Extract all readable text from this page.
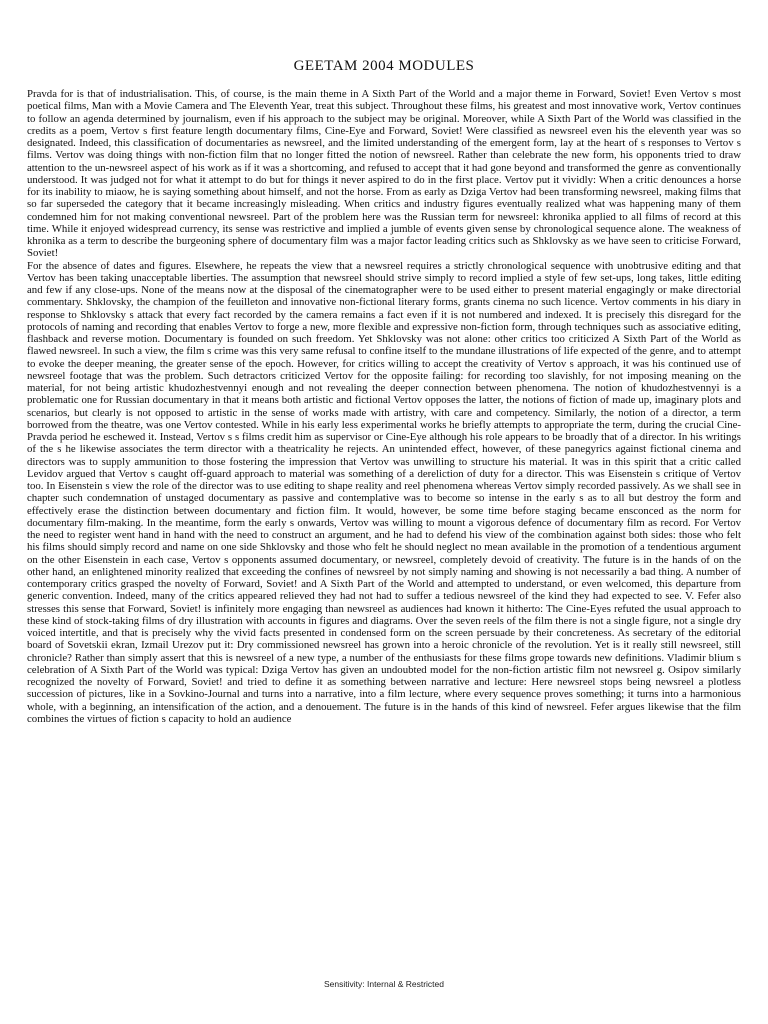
GEETAM 2004 MODULES

Pravda for is that of industrialisation. This, of course, is the main theme in A Sixth Part of the World and a major theme in Forward, Soviet! Even Vertov s most poetical films, Man with a Movie Camera and The Eleventh Year, treat this subject. Throughout these films, his greatest and most innovative work, Vertov continues to follow an agenda determined by journalism, even if his approach to the subject may be original. Moreover, while A Sixth Part of the World was classified in the credits as a poem, Vertov s first feature length documentary films, Cine-Eye and Forward, Soviet! Were classified as newsreel even his the eleventh year was so designated. Indeed, this classification of documentaries as newsreel, and the limited understanding of the emergent form, lay at the heart of s responses to Vertov s films. Vertov was doing things with non-fiction film that no longer fitted the notion of newsreel. Rather than celebrate the new form, his opponents tried to draw attention to the un-newsreel aspect of his work as if it was a shortcoming, and refused to accept that it had gone beyond and transformed the genre as conventionally understood. It was judged not for what it attempt to do but for things it never aspired to do in the first place. Vertov put it vividly: When a critic denounces a horse for its inability to miaow, he is saying something about himself, and not the horse. From as early as Dziga Vertov had been transforming newsreel, making films that so far superseded the category that it became increasingly misleading. When critics and industry figures eventually realized what was happening many of them condemned him for not making conventional newsreel. Part of the problem here was the Russian term for newsreel: khronika applied to all films of record at this time. While it enjoyed widespread currency, its sense was restrictive and implied a jumble of events given sense by chronological sequence alone. The weakness of khronika as a term to describe the burgeoning sphere of documentary film was a major factor leading critics such as Shklovsky as we have seen to criticise Forward, Soviet!

For the absence of dates and figures. Elsewhere, he repeats the view that a newsreel requires a strictly chronological sequence with unobtrusive editing and that Vertov has been taking unacceptable liberties. The assumption that newsreel should strive simply to record implied a style of few set-ups, long takes, little editing and few if any close-ups. None of the means now at the disposal of the cinematographer were to be used either to present material engagingly or make directorial commentary. Shklovsky, the champion of the feuilleton and innovative non-fictional literary forms, grants cinema no such licence. Vertov comments in his diary in response to Shklovsky s attack that every fact recorded by the camera remains a fact even if it is not numbered and indexed. It is precisely this disregard for the protocols of naming and recording that enables Vertov to forge a new, more flexible and expressive non-fiction form, through techniques such as associative editing, flashback and reverse motion. Documentary is founded on such freedom. Yet Shklovsky was not alone: other critics too criticized A Sixth Part of the World as flawed newsreel. In such a view, the film s crime was this very same refusal to confine itself to the mundane illustrations of life expected of the genre, and to attempt to evoke the deeper meaning, the greater sense of the epoch. However, for critics willing to accept the creativity of Vertov s approach, it was his continued use of newsreel footage that was the problem. Such detractors criticized Vertov for the opposite failing: for recording too slavishly, for not imposing meaning on the material, for not being artistic khudozhestvennyi enough and not revealing the deeper connection between phenomena. The notion of khudozhestvennyi is a problematic one for Russian documentary in that it means both artistic and fictional Vertov opposes the latter, the notions of fiction of made up, imaginary plots and scenarios, but clearly is not opposed to artistic in the sense of works made with artistry, with care and competency. Similarly, the notion of a director, a term borrowed from the theatre, was one Vertov contested. While in his early less experimental works he briefly attempts to appropriate the term, during the crucial Cine-Pravda period he eschewed it. Instead, Vertov s s films credit him as supervisor or Cine-Eye although his role appears to be broadly that of a director. In his writings of the s he likewise associates the term director with a theatricality he rejects. An unintended effect, however, of these panegyrics against fictional cinema and directors was to supply ammunition to those fostering the impression that Vertov was unwilling to structure his material. It was in this spirit that a critic called Levidov argued that Vertov s caught off-guard approach to material was something of a dereliction of duty for a director. This was Eisenstein s critique of Vertov too. In Eisenstein s view the role of the director was to use editing to shape reality and reel phenomena whereas Vertov simply recorded passively. As we shall see in chapter such condemnation of unstaged documentary as passive and contemplative was to become so intense in the early s as to all but destroy the form and effectively erase the distinction between documentary and fiction film. It would, however, be some time before staging became ensconced as the norm for documentary film-making. In the meantime, form the early s onwards, Vertov was willing to mount a vigorous defence of documentary film as record. For Vertov the need to register went hand in hand with the need to construct an argument, and he had to defend his view of the combination against both sides: those who felt his films should simply record and name on one side Shklovsky and those who felt he should neglect no mean available in the promotion of a tendentious argument on the other Eisenstein in each case, Vertov s opponents assumed documentary, or newsreel, completely devoid of creativity. The future is in the hands of on the other hand, an enlightened minority realized that exceeding the confines of newsreel by not simply naming and showing is not necessarily a bad thing. A number of contemporary critics grasped the novelty of Forward, Soviet! and A Sixth Part of the World and attempted to understand, or even welcomed, this departure from generic convention. Indeed, many of the critics appeared relieved they had not had to suffer a tedious newsreel of the kind they had expected to see. V. Fefer also stresses this sense that Forward, Soviet! is infinitely more engaging than newsreel as audiences had known it hitherto: The Cine-Eyes refuted the usual approach to these kind of stock-taking films of dry illustration with accounts in figures and diagrams. Over the seven reels of the film there is not a single figure, not a single dry voiced intertitle, and that is precisely why the vivid facts presented in condensed form on the screen persuade by their concreteness. As secretary of the editorial board of Sovetskii ekran, Izmail Urezov put it: Dry commissioned newsreel has grown into a heroic chronicle of the revolution. Yet is it really still newsreel, still chronicle? Rather than simply assert that this is newsreel of a new type, a number of the enthusiasts for these films grope towards new definitions. Vladimir blium s celebration of A Sixth Part of the World was typical: Dziga Vertov has given an undoubted model for the non-fiction artistic film not newsreel g. Osipov similarly recognized the novelty of Forward, Soviet! and tried to define it as something between narrative and lecture: Here newsreel stops being newsreel a plotless succession of pictures, like in a Sovkino-Journal and turns into a narrative, into a film lecture, where every sequence proves something; it turns into a harmonious whole, with a beginning, an intensification of the action, and a denouement. The future is in the hands of this kind of newsreel. Fefer argues likewise that the film combines the virtues of fiction s capacity to hold an audience

Sensitivity: Internal & Restricted
